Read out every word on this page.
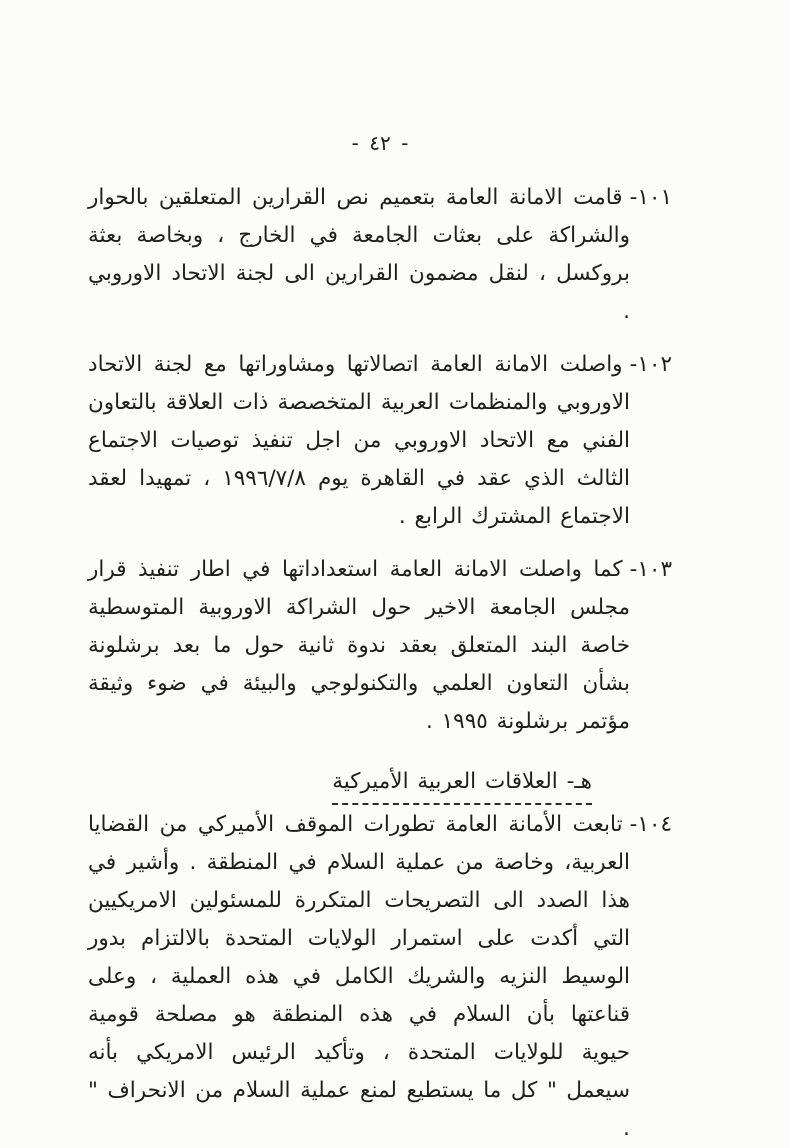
- ٤٢ -

١٠١-قامت الامانة العامة بتعميم نص القرارين المتعلقين بالحوار والشراكة على بعثات الجامعة في الخارج ، وبخاصة بعثة بروكسل ، لنقل مضمون القرارين الى لجنة الاتحاد الاوروبي .

١٠٢-واصلت الامانة العامة اتصالاتها ومشاوراتها مع لجنة الاتحاد الاوروبي والمنظمات العربية المتخصصة ذات العلاقة بالتعاون الفني مع الاتحاد الاوروبي من اجل تنفيذ توصيات الاجتماع الثالث الذي عقد في القاهرة يوم ١٩٩٦/٧/٨ ، تمهيدا لعقد الاجتماع المشترك الرابع .

١٠٣-كما واصلت الامانة العامة استعداداتها في اطار تنفيذ قرار مجلس الجامعة الاخير حول الشراكة الاوروبية المتوسطية خاصة البند المتعلق بعقد ندوة ثانية حول ما بعد برشلونة بشأن التعاون العلمي والتكنولوجي والبيئة في ضوء وثيقة مؤتمر برشلونة ١٩٩٥ .

هـ- العلاقات العربية الأميركية

١٠٤-تابعت الأمانة العامة تطورات الموقف الأميركي من القضايا العربية، وخاصة من عملية السلام في المنطقة . وأشير في هذا الصدد الى التصريحات المتكررة للمسئولين الامريكيين التي أكدت على استمرار الولايات المتحدة بالالتزام بدور الوسيط النزيه والشريك الكامل في هذه العملية ، وعلى قناعتها بأن السلام في هذه المنطقة هو مصلحة قومية حيوية للولايات المتحدة ، وتأكيد الرئيس الامريكي بأنه سيعمل " كل ما يستطيع لمنع عملية السلام من الانحراف " .
